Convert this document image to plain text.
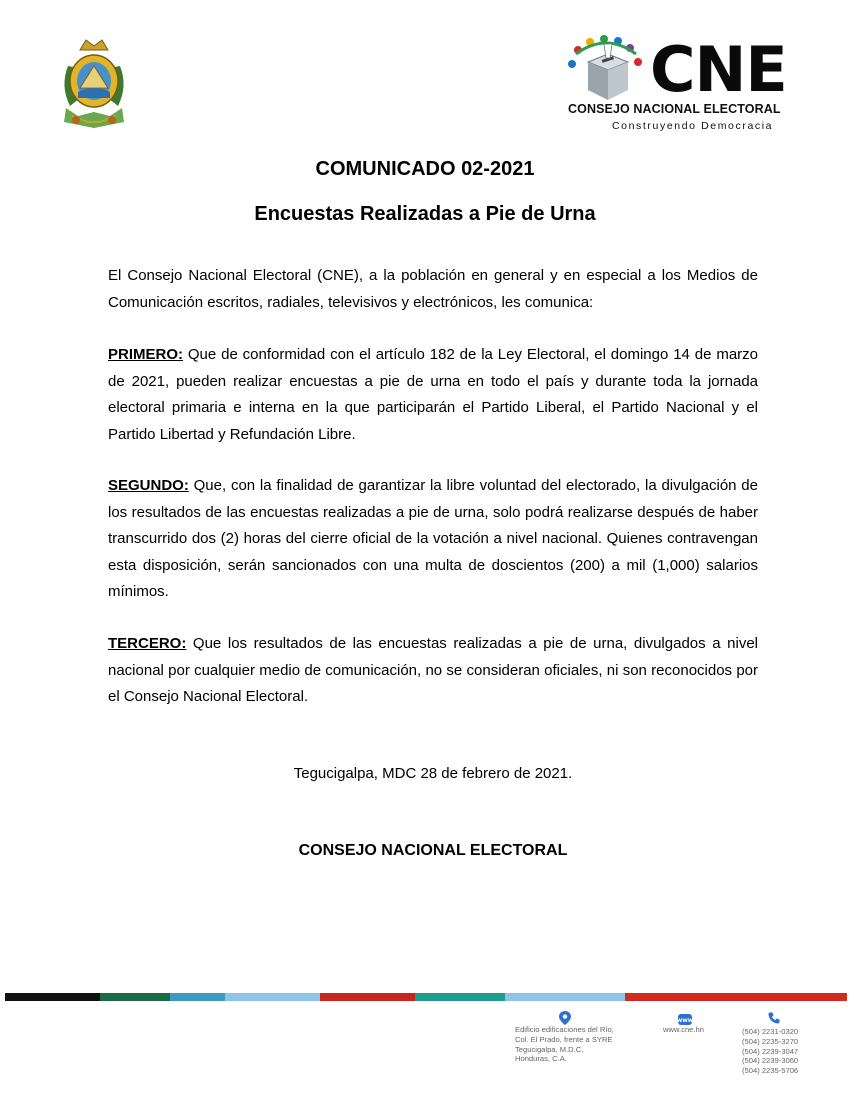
CNE
CONSEJO NACIONAL ELECTORAL
Construyendo Democracia
COMUNICADO 02-2021
Encuestas Realizadas a Pie de Urna
El Consejo Nacional Electoral (CNE), a la población en general y en especial a los Medios de Comunicación escritos, radiales, televisivos y electrónicos, les comunica:
PRIMERO: Que de conformidad con el artículo 182 de la Ley Electoral, el domingo 14 de marzo de 2021, pueden realizar encuestas a pie de urna en todo el país y durante toda la jornada electoral primaria e interna en la que participarán el Partido Liberal, el Partido Nacional y el Partido Libertad y Refundación Libre.
SEGUNDO: Que, con la finalidad de garantizar la libre voluntad del electorado, la divulgación de los resultados de las encuestas realizadas a pie de urna, solo podrá realizarse después de haber transcurrido dos (2) horas del cierre oficial de la votación a nivel nacional. Quienes contravengan esta disposición, serán sancionados con una multa de doscientos (200) a mil (1,000) salarios mínimos.
TERCERO: Que los resultados de las encuestas realizadas a pie de urna, divulgados a nivel nacional por cualquier medio de comunicación, no se consideran oficiales, ni son reconocidos por el Consejo Nacional Electoral.
Tegucigalpa, MDC 28 de febrero de 2021.
CONSEJO NACIONAL ELECTORAL
Edificio edificaciones del Río,
Col. El Prado, frente a SYRE
Tegucigalpa, M.D.C.
Honduras, C.A.
www
www.cne.hn	(504) 2231-0320
(504) 2235-3270
(504) 2239-3047
(504) 2239-3060
(504) 2235-5706
